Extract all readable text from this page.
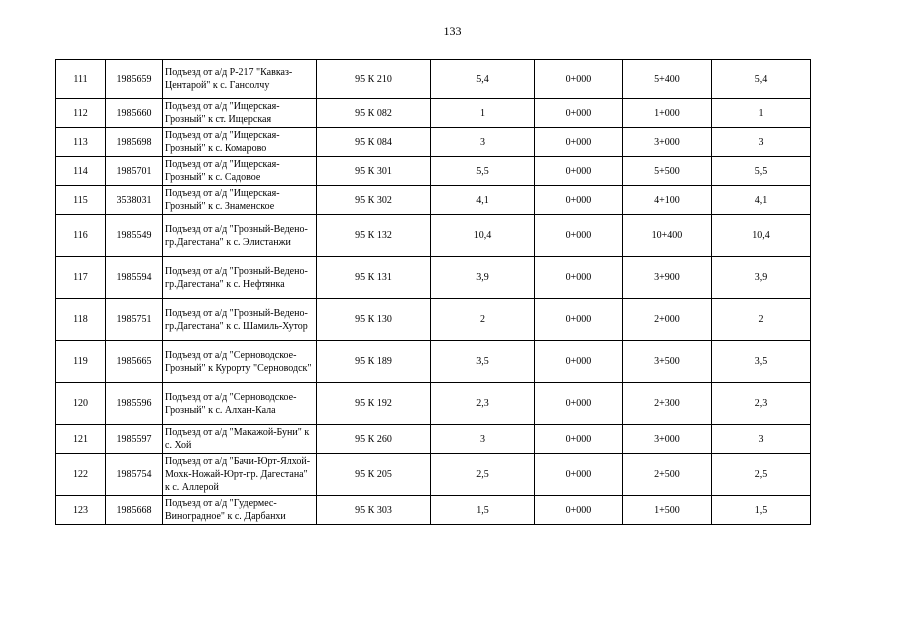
133
111	1985659	Подъезд от а/д Р-217 "Кавказ-Центарой" к с. Гансолчу	95 К 210	5,4	0+000	5+400	5,4
112	1985660	Подъезд от а/д "Ищерская-Грозный" к ст. Ищерская	95 К 082	1	0+000	1+000	1
113	1985698	Подъезд от а/д "Ищерская-Грозный" к с. Комарово	95 К 084	3	0+000	3+000	3
114	1985701	Подъезд от а/д "Ищерская-Грозный" к с. Садовое	95 К 301	5,5	0+000	5+500	5,5
115	3538031	Подъезд от а/д "Ищерская-Грозный" к с. Знаменское	95 К 302	4,1	0+000	4+100	4,1
116	1985549	Подъезд от а/д "Грозный-Ведено-гр.Дагестана" к с. Элистанжи	95 К 132	10,4	0+000	10+400	10,4
117	1985594	Подъезд от а/д "Грозный-Ведено-гр.Дагестана" к с. Нефтянка	95 К 131	3,9	0+000	3+900	3,9
118	1985751	Подъезд от а/д "Грозный-Ведено-гр.Дагестана" к с. Шамиль-Хутор	95 К 130	2	0+000	2+000	2
119	1985665	Подъезд от а/д "Серноводское-Грозный" к Курорту "Серноводск"	95 К 189	3,5	0+000	3+500	3,5
120	1985596	Подъезд от а/д "Серноводское-Грозный" к с. Алхан-Кала	95 К 192	2,3	0+000	2+300	2,3
121	1985597	Подъезд от а/д "Макажой-Буни" к с. Хой	95 К 260	3	0+000	3+000	3
122	1985754	Подъезд от а/д "Бачи-Юрт-Ялхой-Мохк-Ножай-Юрт-гр. Дагестана" к с. Аллерой	95 К 205	2,5	0+000	2+500	2,5
123	1985668	Подъезд от а/д "Гудермес-Виноградное" к с. Дарбанхи	95 К 303	1,5	0+000	1+500	1,5
